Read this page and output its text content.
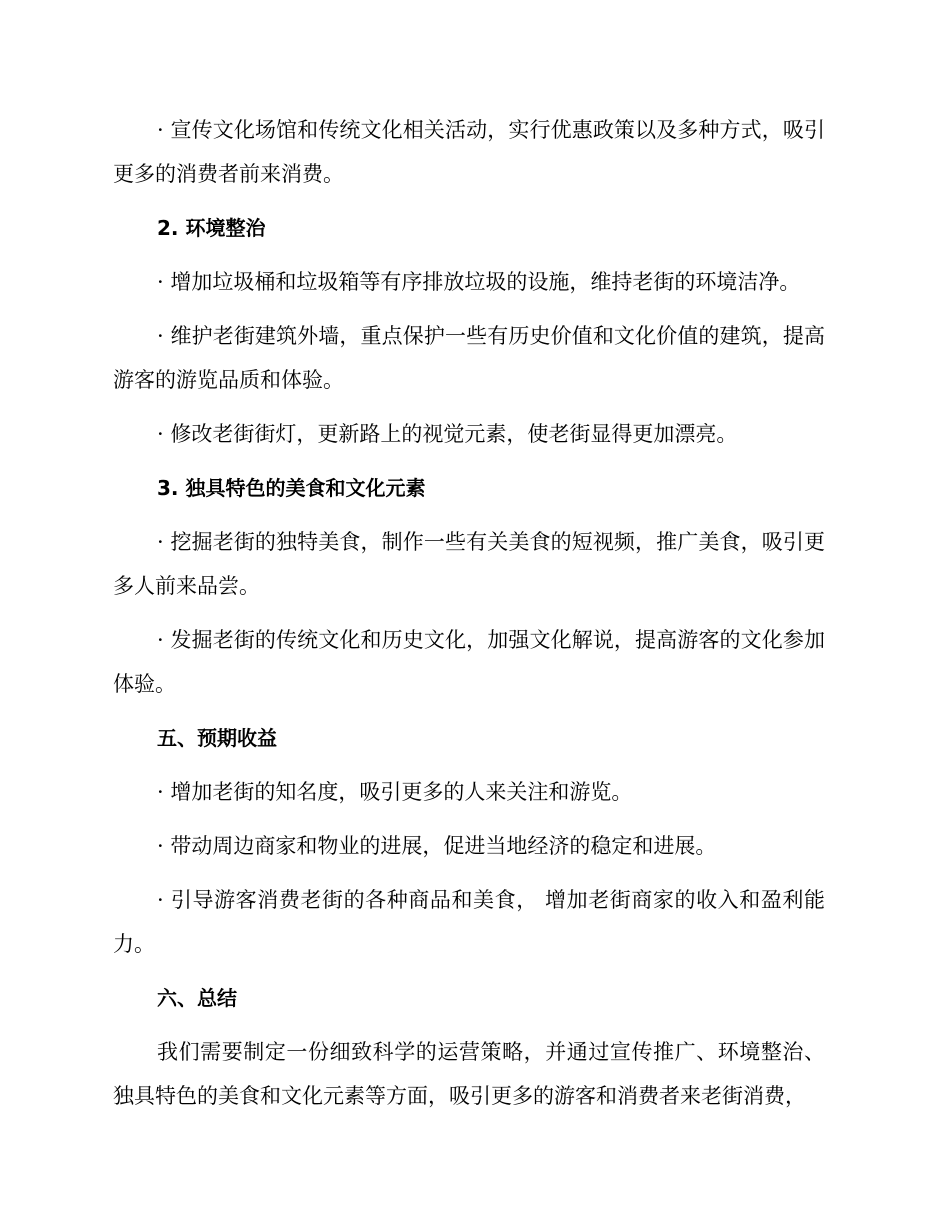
· 宣传文化场馆和传统文化相关活动，实行优惠政策以及多种方式，吸引更多的消费者前来消费。

2. 环境整治

· 增加垃圾桶和垃圾箱等有序排放垃圾的设施，维持老街的环境洁净。

· 维护老街建筑外墙，重点保护一些有历史价值和文化价值的建筑，提高游客的游览品质和体验。

· 修改老街街灯，更新路上的视觉元素，使老街显得更加漂亮。

3. 独具特色的美食和文化元素

· 挖掘老街的独特美食，制作一些有关美食的短视频，推广美食，吸引更多人前来品尝。

· 发掘老街的传统文化和历史文化，加强文化解说，提高游客的文化参加体验。

五、预期收益

· 增加老街的知名度，吸引更多的人来关注和游览。

· 带动周边商家和物业的进展，促进当地经济的稳定和进展。

· 引导游客消费老街的各种商品和美食， 增加老街商家的收入和盈利能力。

六、总结

我们需要制定一份细致科学的运营策略，并通过宣传推广、环境整治、独具特色的美食和文化元素等方面，吸引更多的游客和消费者来老街消费，
